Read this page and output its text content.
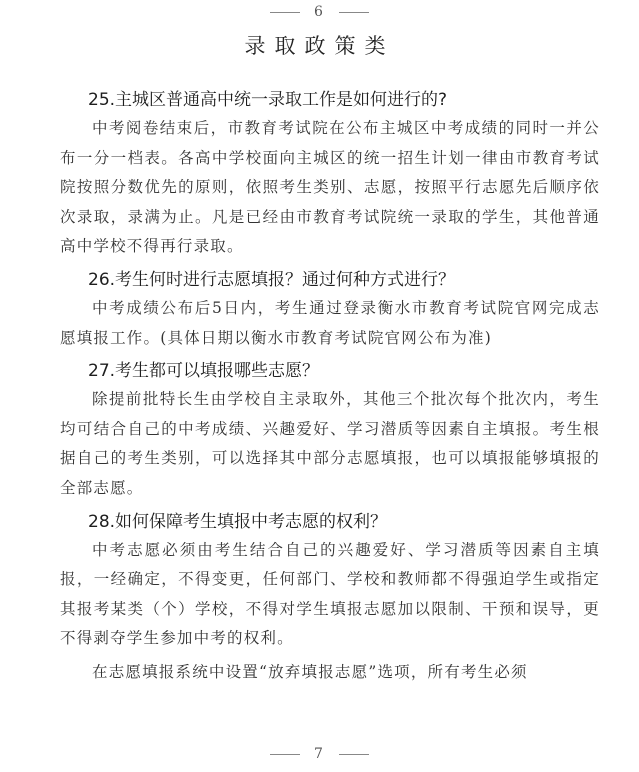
6
录取政策类

25.主城区普通高中统一录取工作是如何进行的?

中考阅卷结束后，市教育考试院在公布主城区中考成绩的同时一并公布一分一档表。各高中学校面向主城区的统一招生计划一律由市教育考试院按照分数优先的原则，依照考生类别、志愿，按照平行志愿先后顺序依次录取，录满为止。凡是已经由市教育考试院统一录取的学生，其他普通高中学校不得再行录取。

26.考生何时进行志愿填报？通过何种方式进行？

中考成绩公布后5日内，考生通过登录衡水市教育考试院官网完成志愿填报工作。(具体日期以衡水市教育考试院官网公布为准)

27.考生都可以填报哪些志愿？

除提前批特长生由学校自主录取外，其他三个批次每个批次内，考生均可结合自己的中考成绩、兴趣爱好、学习潜质等因素自主填报。考生根据自己的考生类别，可以选择其中部分志愿填报，也可以填报能够填报的全部志愿。

28.如何保障考生填报中考志愿的权利？

中考志愿必须由考生结合自己的兴趣爱好、学习潜质等因素自主填报，一经确定，不得变更，任何部门、学校和教师都不得强迫学生或指定其报考某类（个）学校，不得对学生填报志愿加以限制、干预和误导，更不得剥夺学生参加中考的权利。

在志愿填报系统中设置“放弃填报志愿”选项，所有考生必须

7
